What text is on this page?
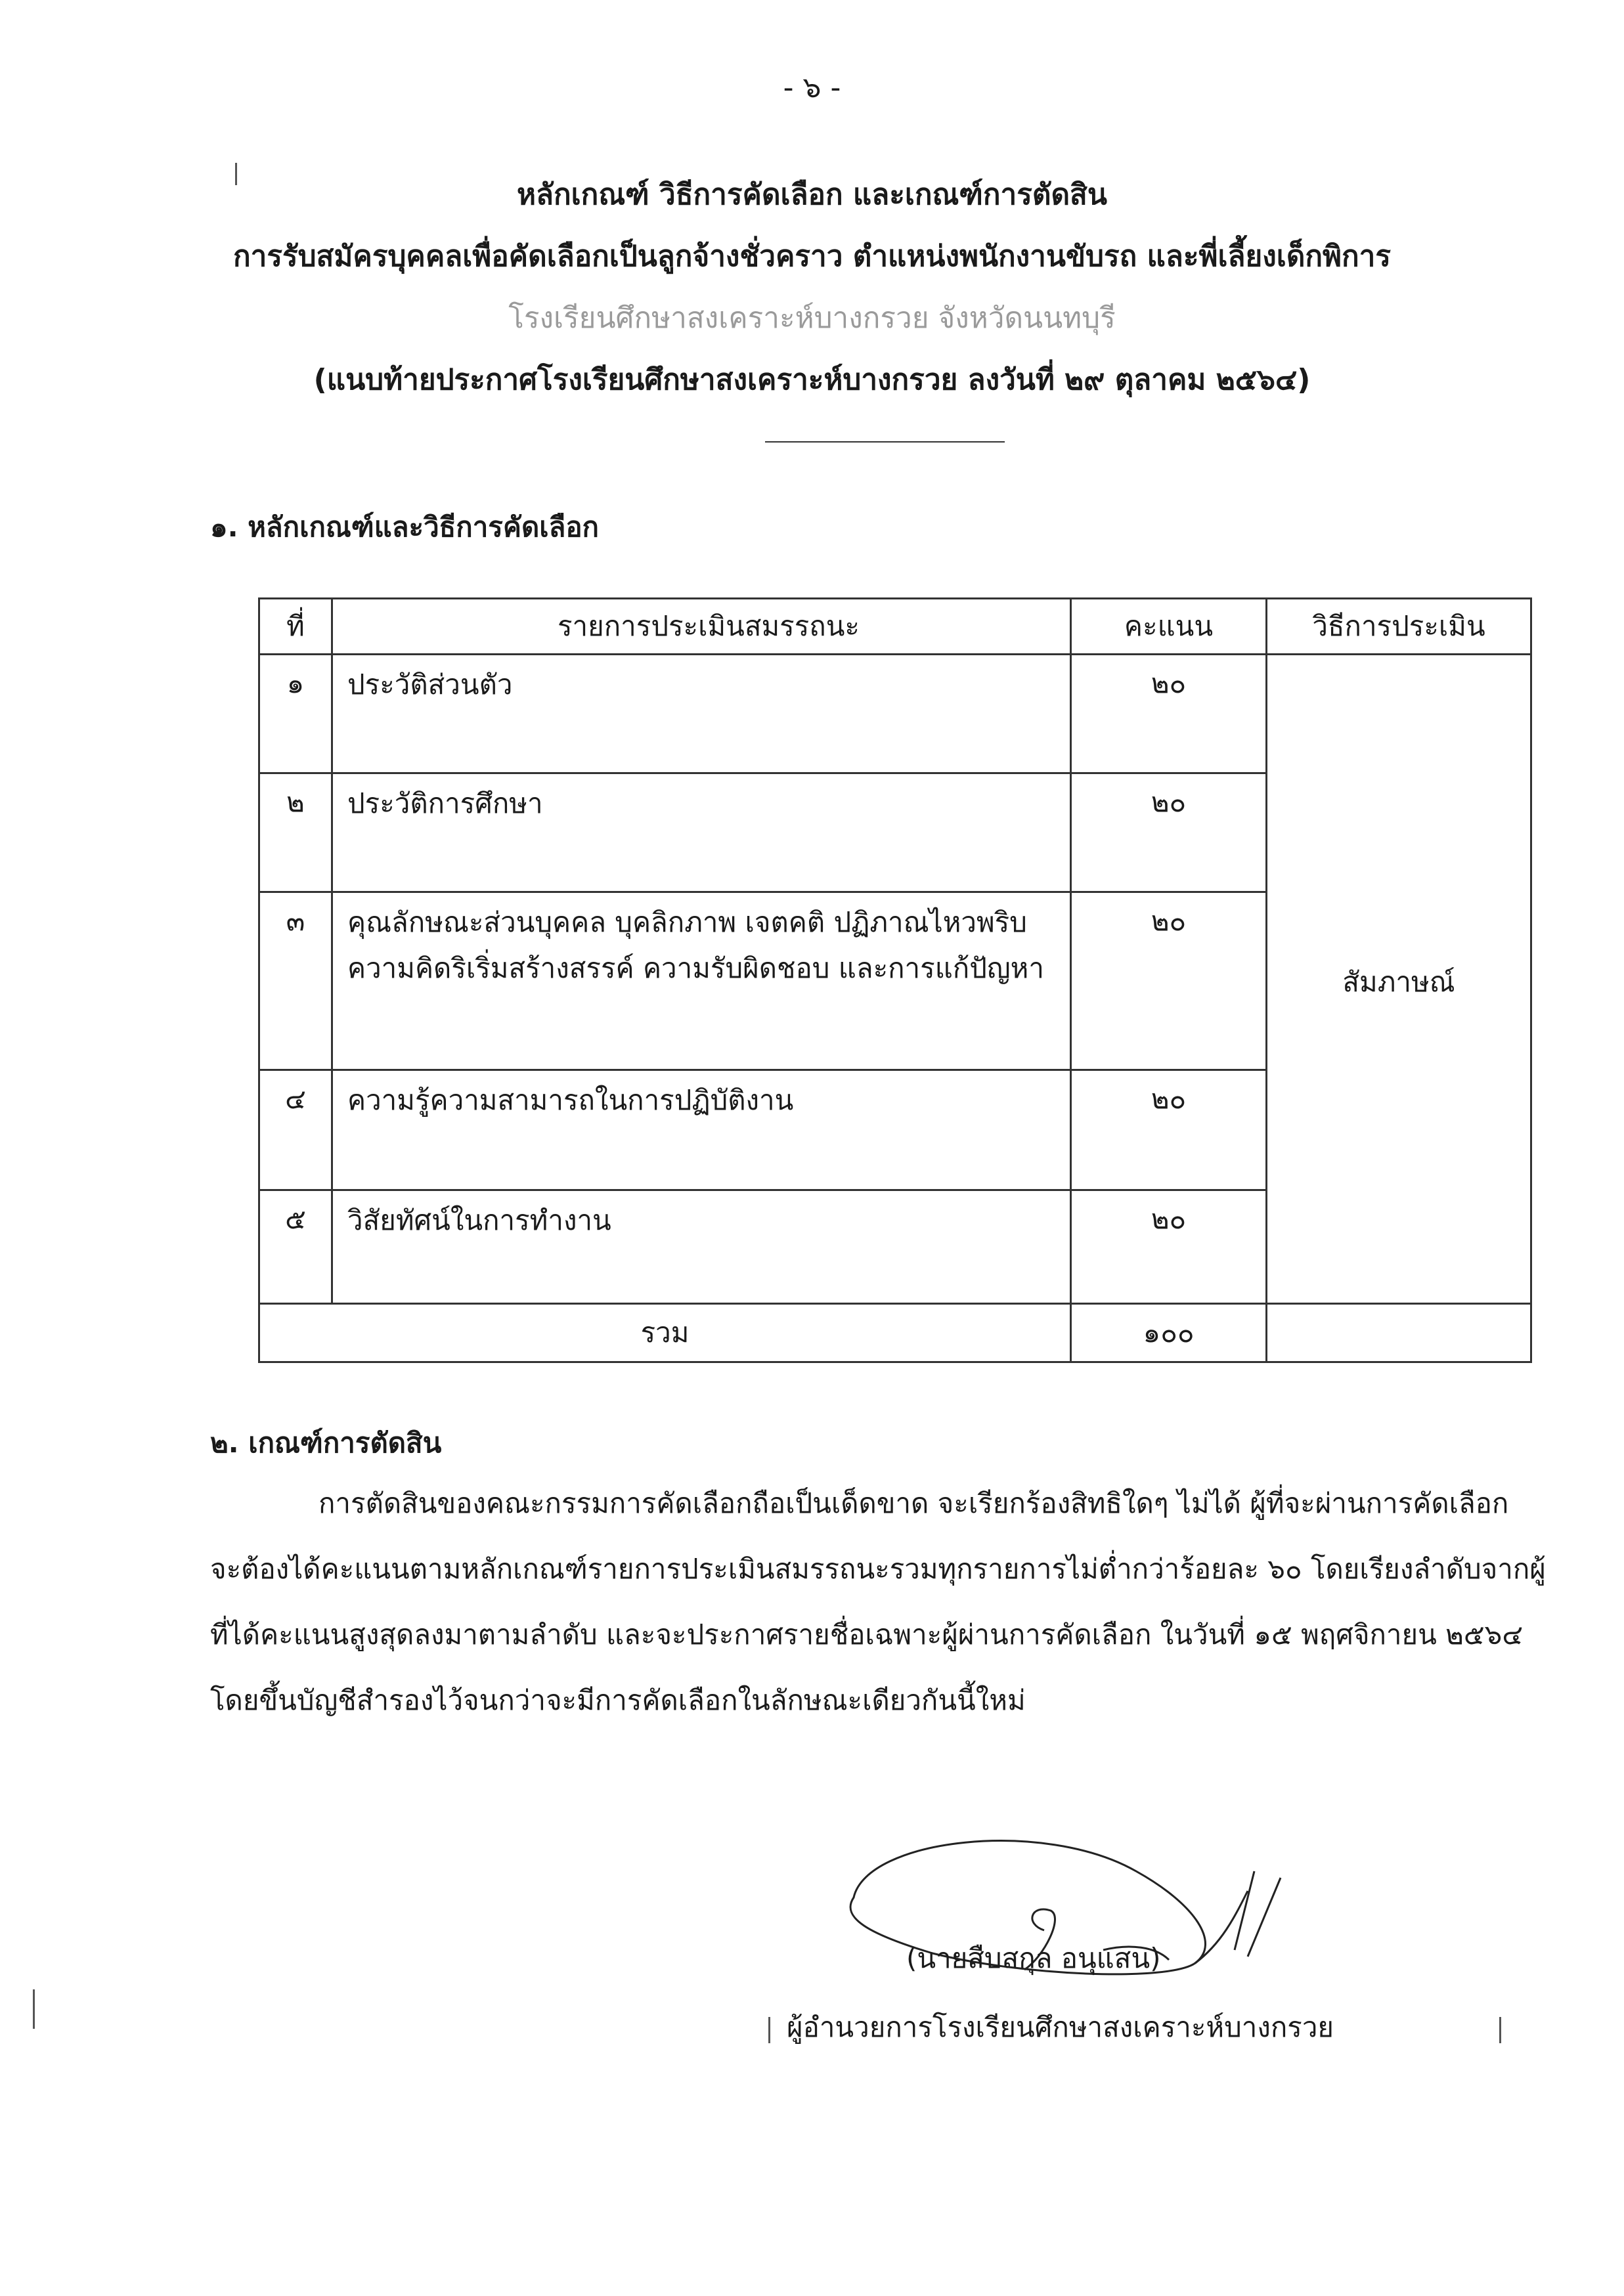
- ๖ -
หลักเกณฑ์ วิธีการคัดเลือก และเกณฑ์การตัดสิน
การรับสมัครบุคคลเพื่อคัดเลือกเป็นลูกจ้างชั่วคราว ตำแหน่งพนักงานขับรถ และพี่เลี้ยงเด็กพิการ
โรงเรียนศึกษาสงเคราะห์บางกรวย จังหวัดนนทบุรี
(แนบท้ายประกาศโรงเรียนศึกษาสงเคราะห์บางกรวย ลงวันที่ ๒๙ ตุลาคม ๒๕๖๔)
๑. หลักเกณฑ์และวิธีการคัดเลือก
ที่	รายการประเมินสมรรถนะ	คะแนน	วิธีการประเมิน
๑	ประวัติส่วนตัว	๒๐	สัมภาษณ์
๒	ประวัติการศึกษา	๒๐	
๓	คุณลักษณะส่วนบุคคล บุคลิกภาพ เจตคติ ปฏิภาณไหวพริบ
ความคิดริเริ่มสร้างสรรค์ ความรับผิดชอบ และการแก้ปัญหา	๒๐	
๔	ความรู้ความสามารถในการปฏิบัติงาน	๒๐	
๕	วิสัยทัศน์ในการทำงาน	๒๐	
รวม		๑๐๐	
๒. เกณฑ์การตัดสิน
การตัดสินของคณะกรรมการคัดเลือกถือเป็นเด็ดขาด จะเรียกร้องสิทธิใดๆ ไม่ได้ ผู้ที่จะผ่านการคัดเลือก
จะต้องได้คะแนนตามหลักเกณฑ์รายการประเมินสมรรถนะรวมทุกรายการไม่ต่ำกว่าร้อยละ ๖๐ โดยเรียงลำดับจากผู้
ที่ได้คะแนนสูงสุดลงมาตามลำดับ และจะประกาศรายชื่อเฉพาะผู้ผ่านการคัดเลือก ในวันที่ ๑๕ พฤศจิกายน ๒๕๖๔
โดยขึ้นบัญชีสำรองไว้จนกว่าจะมีการคัดเลือกในลักษณะเดียวกันนี้ใหม่
(นายสืบสกุล อนุแสน)
ผู้อำนวยการโรงเรียนศึกษาสงเคราะห์บางกรวย
